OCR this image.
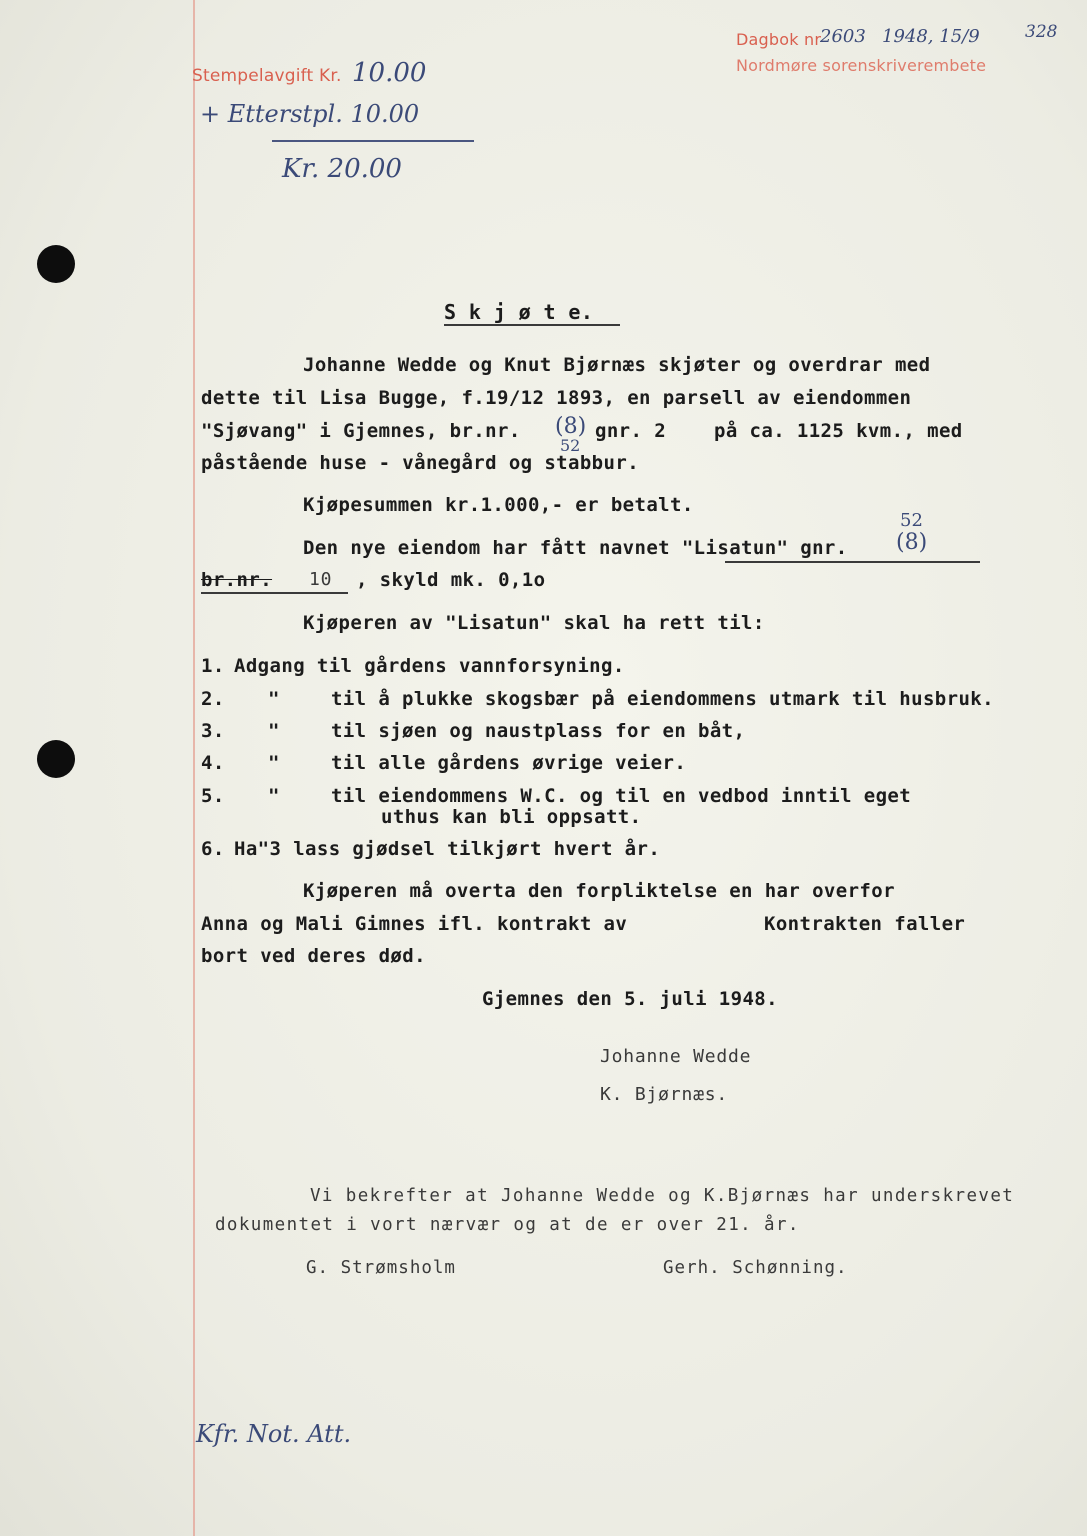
Dagbok nr
2603 1948, 15/9	328
Nordmøre sorenskriverembete
Stempelavgift Kr. 10.00
+ Etterstpl. 10.00
Kr. 20.00
S k j ø t e.
Johanne Wedde og Knut Bjørnæs skjøter og overdrar med
dette til Lisa Bugge, f.19/12 1893, en parsell av eiendommen
"Sjøvang" i Gjemnes, br.nr. (8)
52
gnr. 2	på ca. 1125 kvm., med
påstående huse - vånegård og stabbur.
Kjøpesummen kr.1.000,- er betalt.
Den nye eiendom har fått navnet "Lisatun" gnr. (8)
52
br.nr. 10 , skyld mk. 0,1o
Kjøperen av "Lisatun" skal ha rett til:
1. Adgang til gårdens vannforsyning.
2. "	til å plukke skogsbær på eiendommens utmark til husbruk.
3. "	til sjøen og naustplass for en båt,
4. "	til alle gårdens øvrige veier.
5. "	til eiendommens W.C. og til en vedbod inntil eget
uthus kan bli oppsatt.
6. Ha"3 lass gjødsel tilkjørt hvert år.
Kjøperen må overta den forpliktelse en har overfor
Anna og Mali Gimnes ifl. kontrakt av	Kontrakten faller
bort ved deres død.
Gjemnes den 5. juli 1948.
Johanne Wedde
K. Bjørnæs.
Vi bekrefter at Johanne Wedde og K.Bjørnæs har underskrevet
dokumentet i vort nærvær og at de er over 21. år.
G. Strømsholm	Gerh. Schønning.
Kfr. Not. Att.
